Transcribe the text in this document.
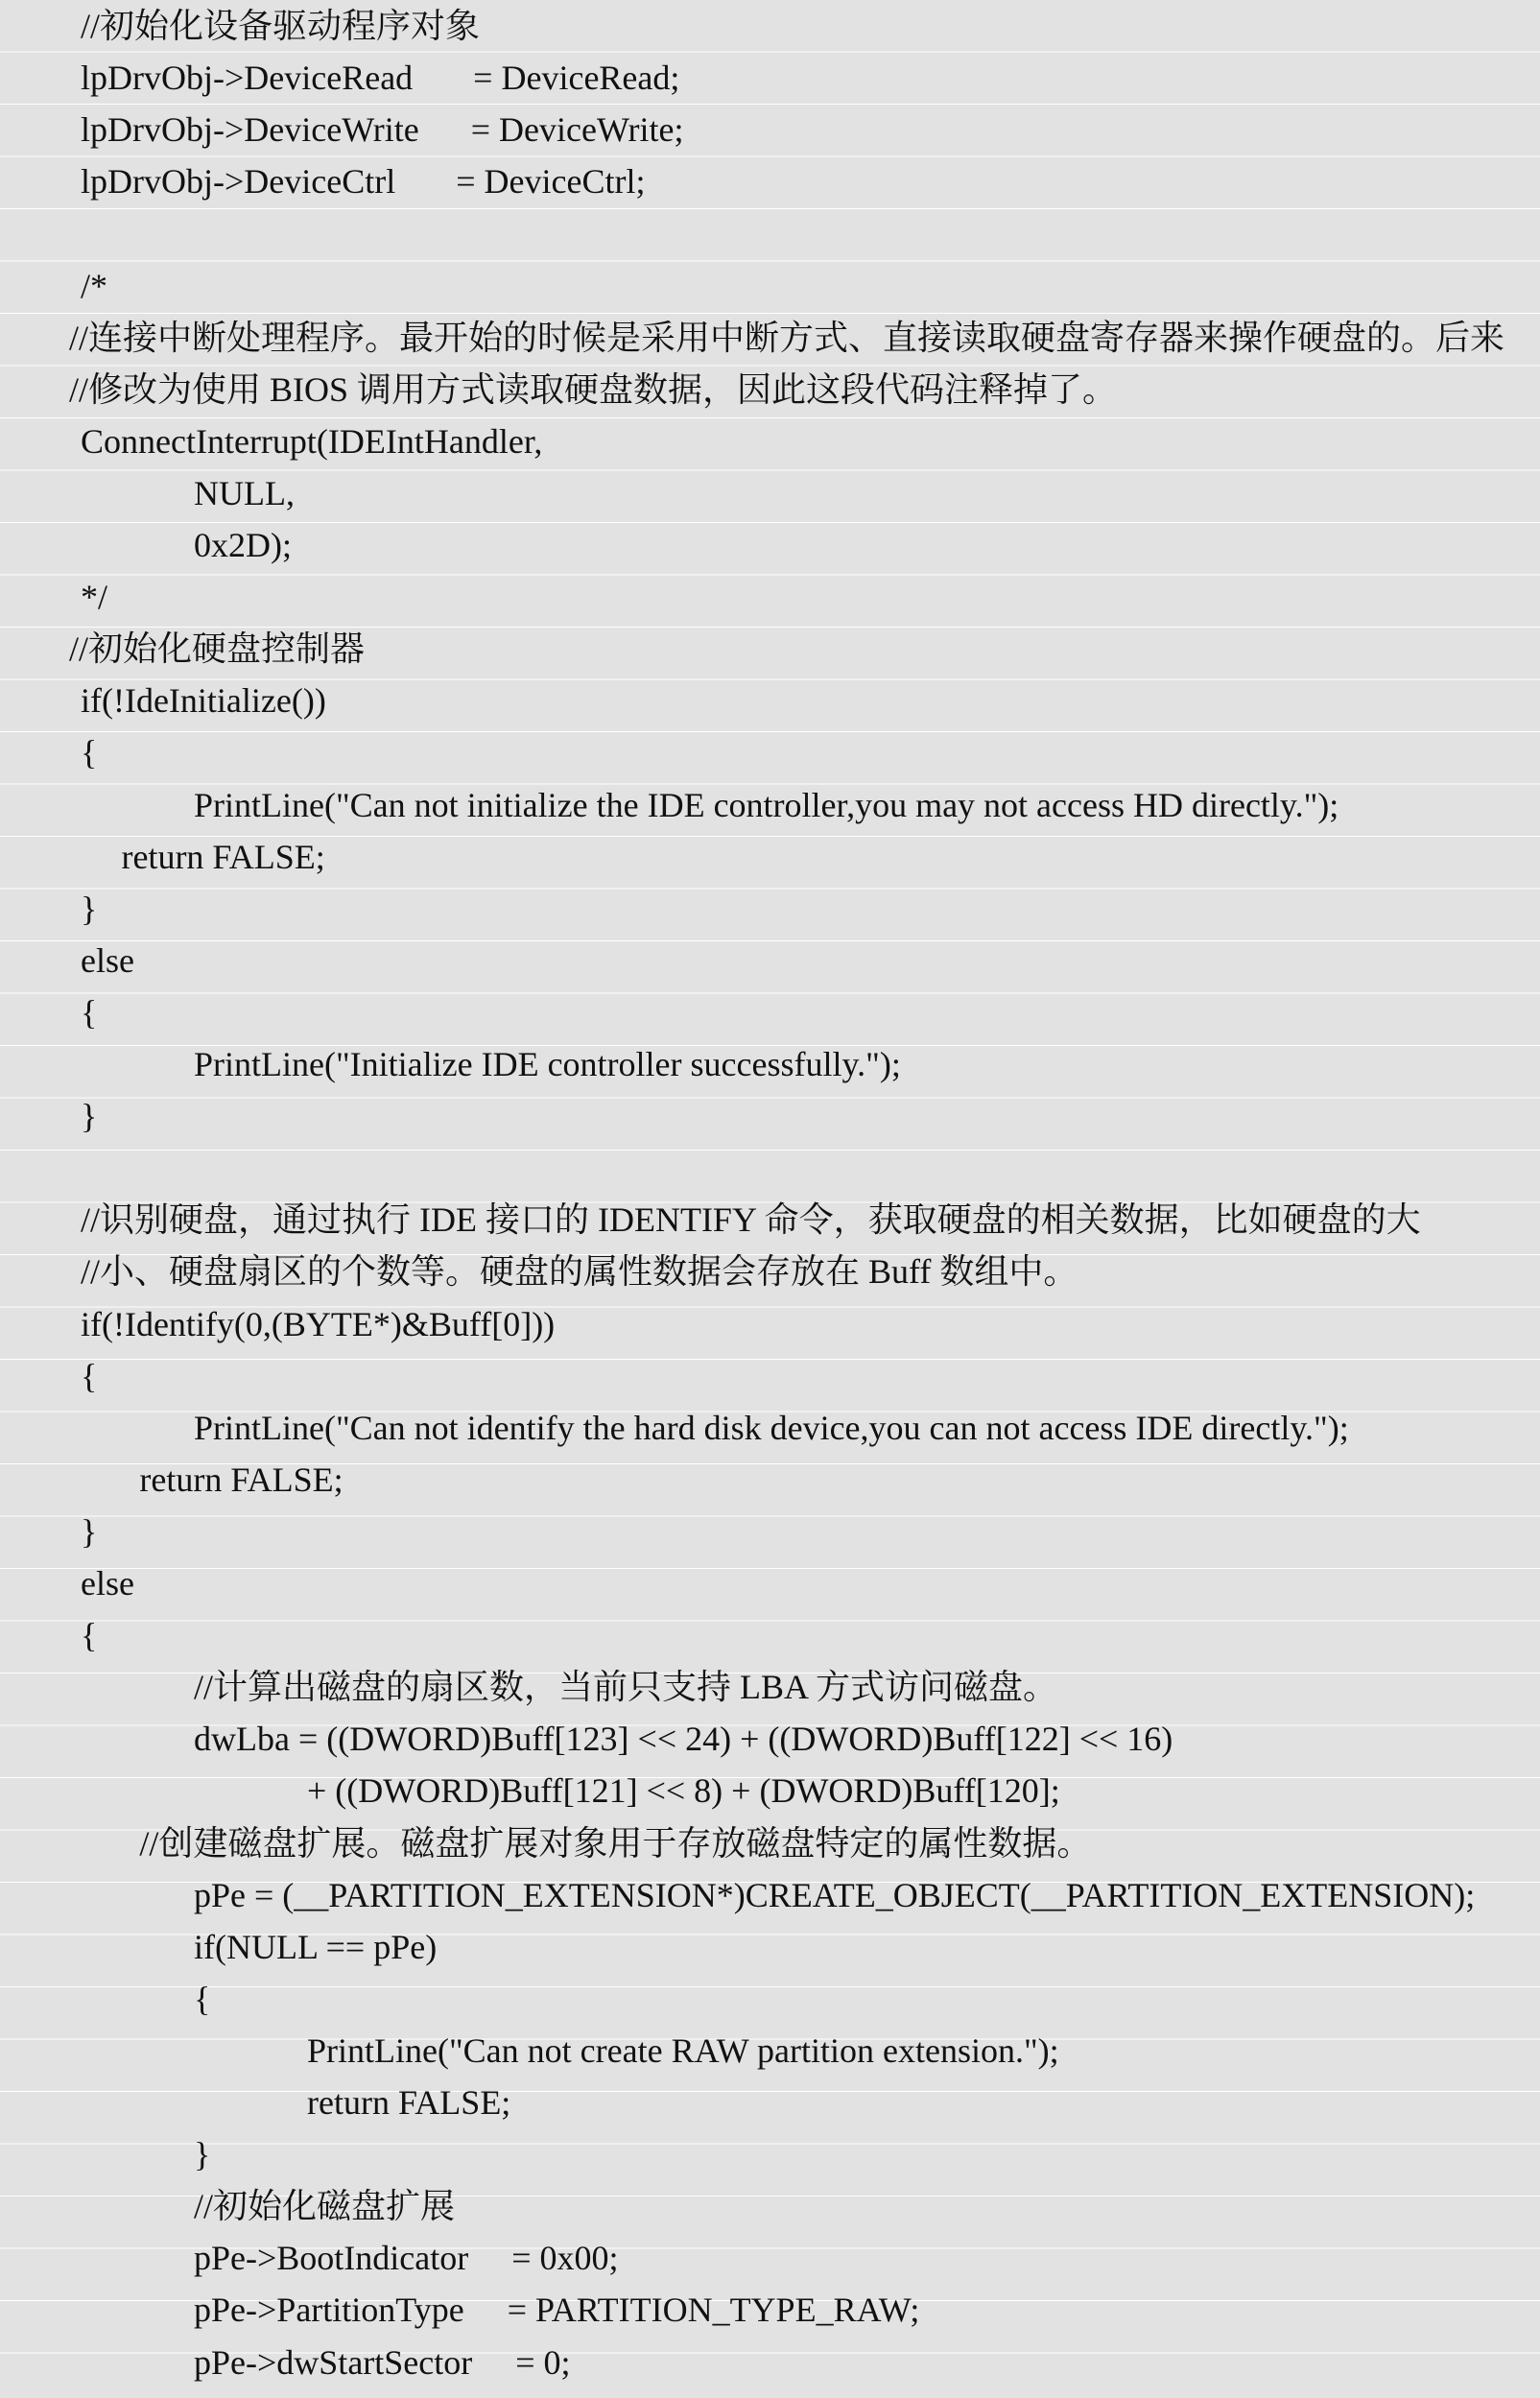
//初始化设备驱动程序对象
lpDrvObj->DeviceRead       = DeviceRead;
lpDrvObj->DeviceWrite      = DeviceWrite;
lpDrvObj->DeviceCtrl       = DeviceCtrl;
/*
//连接中断处理程序。最开始的时候是采用中断方式、直接读取硬盘寄存器来操作硬盘的。后来
//修改为使用 BIOS 调用方式读取硬盘数据，因此这段代码注释掉了。
ConnectInterrupt(IDEIntHandler,
NULL,
0x2D);
*/
//初始化硬盘控制器
if(!IdeInitialize())
{
PrintLine("Can not initialize the IDE controller,you may not access HD directly.");
return FALSE;
}
else
{
PrintLine("Initialize IDE controller successfully.");
}
//识别硬盘，通过执行 IDE 接口的 IDENTIFY 命令，获取硬盘的相关数据，比如硬盘的大
//小、硬盘扇区的个数等。硬盘的属性数据会存放在 Buff 数组中。
if(!Identify(0,(BYTE*)&Buff[0]))
{
PrintLine("Can not identify the hard disk device,you can not access IDE directly.");
return FALSE;
}
else
{
//计算出磁盘的扇区数，当前只支持 LBA 方式访问磁盘。
dwLba = ((DWORD)Buff[123] << 24) + ((DWORD)Buff[122] << 16)
+ ((DWORD)Buff[121] << 8) + (DWORD)Buff[120];
//创建磁盘扩展。磁盘扩展对象用于存放磁盘特定的属性数据。
pPe = (__PARTITION_EXTENSION*)CREATE_OBJECT(__PARTITION_EXTENSION);
if(NULL == pPe)
{
PrintLine("Can not create RAW partition extension.");
return FALSE;
}
//初始化磁盘扩展
pPe->BootIndicator     = 0x00;
pPe->PartitionType     = PARTITION_TYPE_RAW;
pPe->dwStartSector     = 0;
